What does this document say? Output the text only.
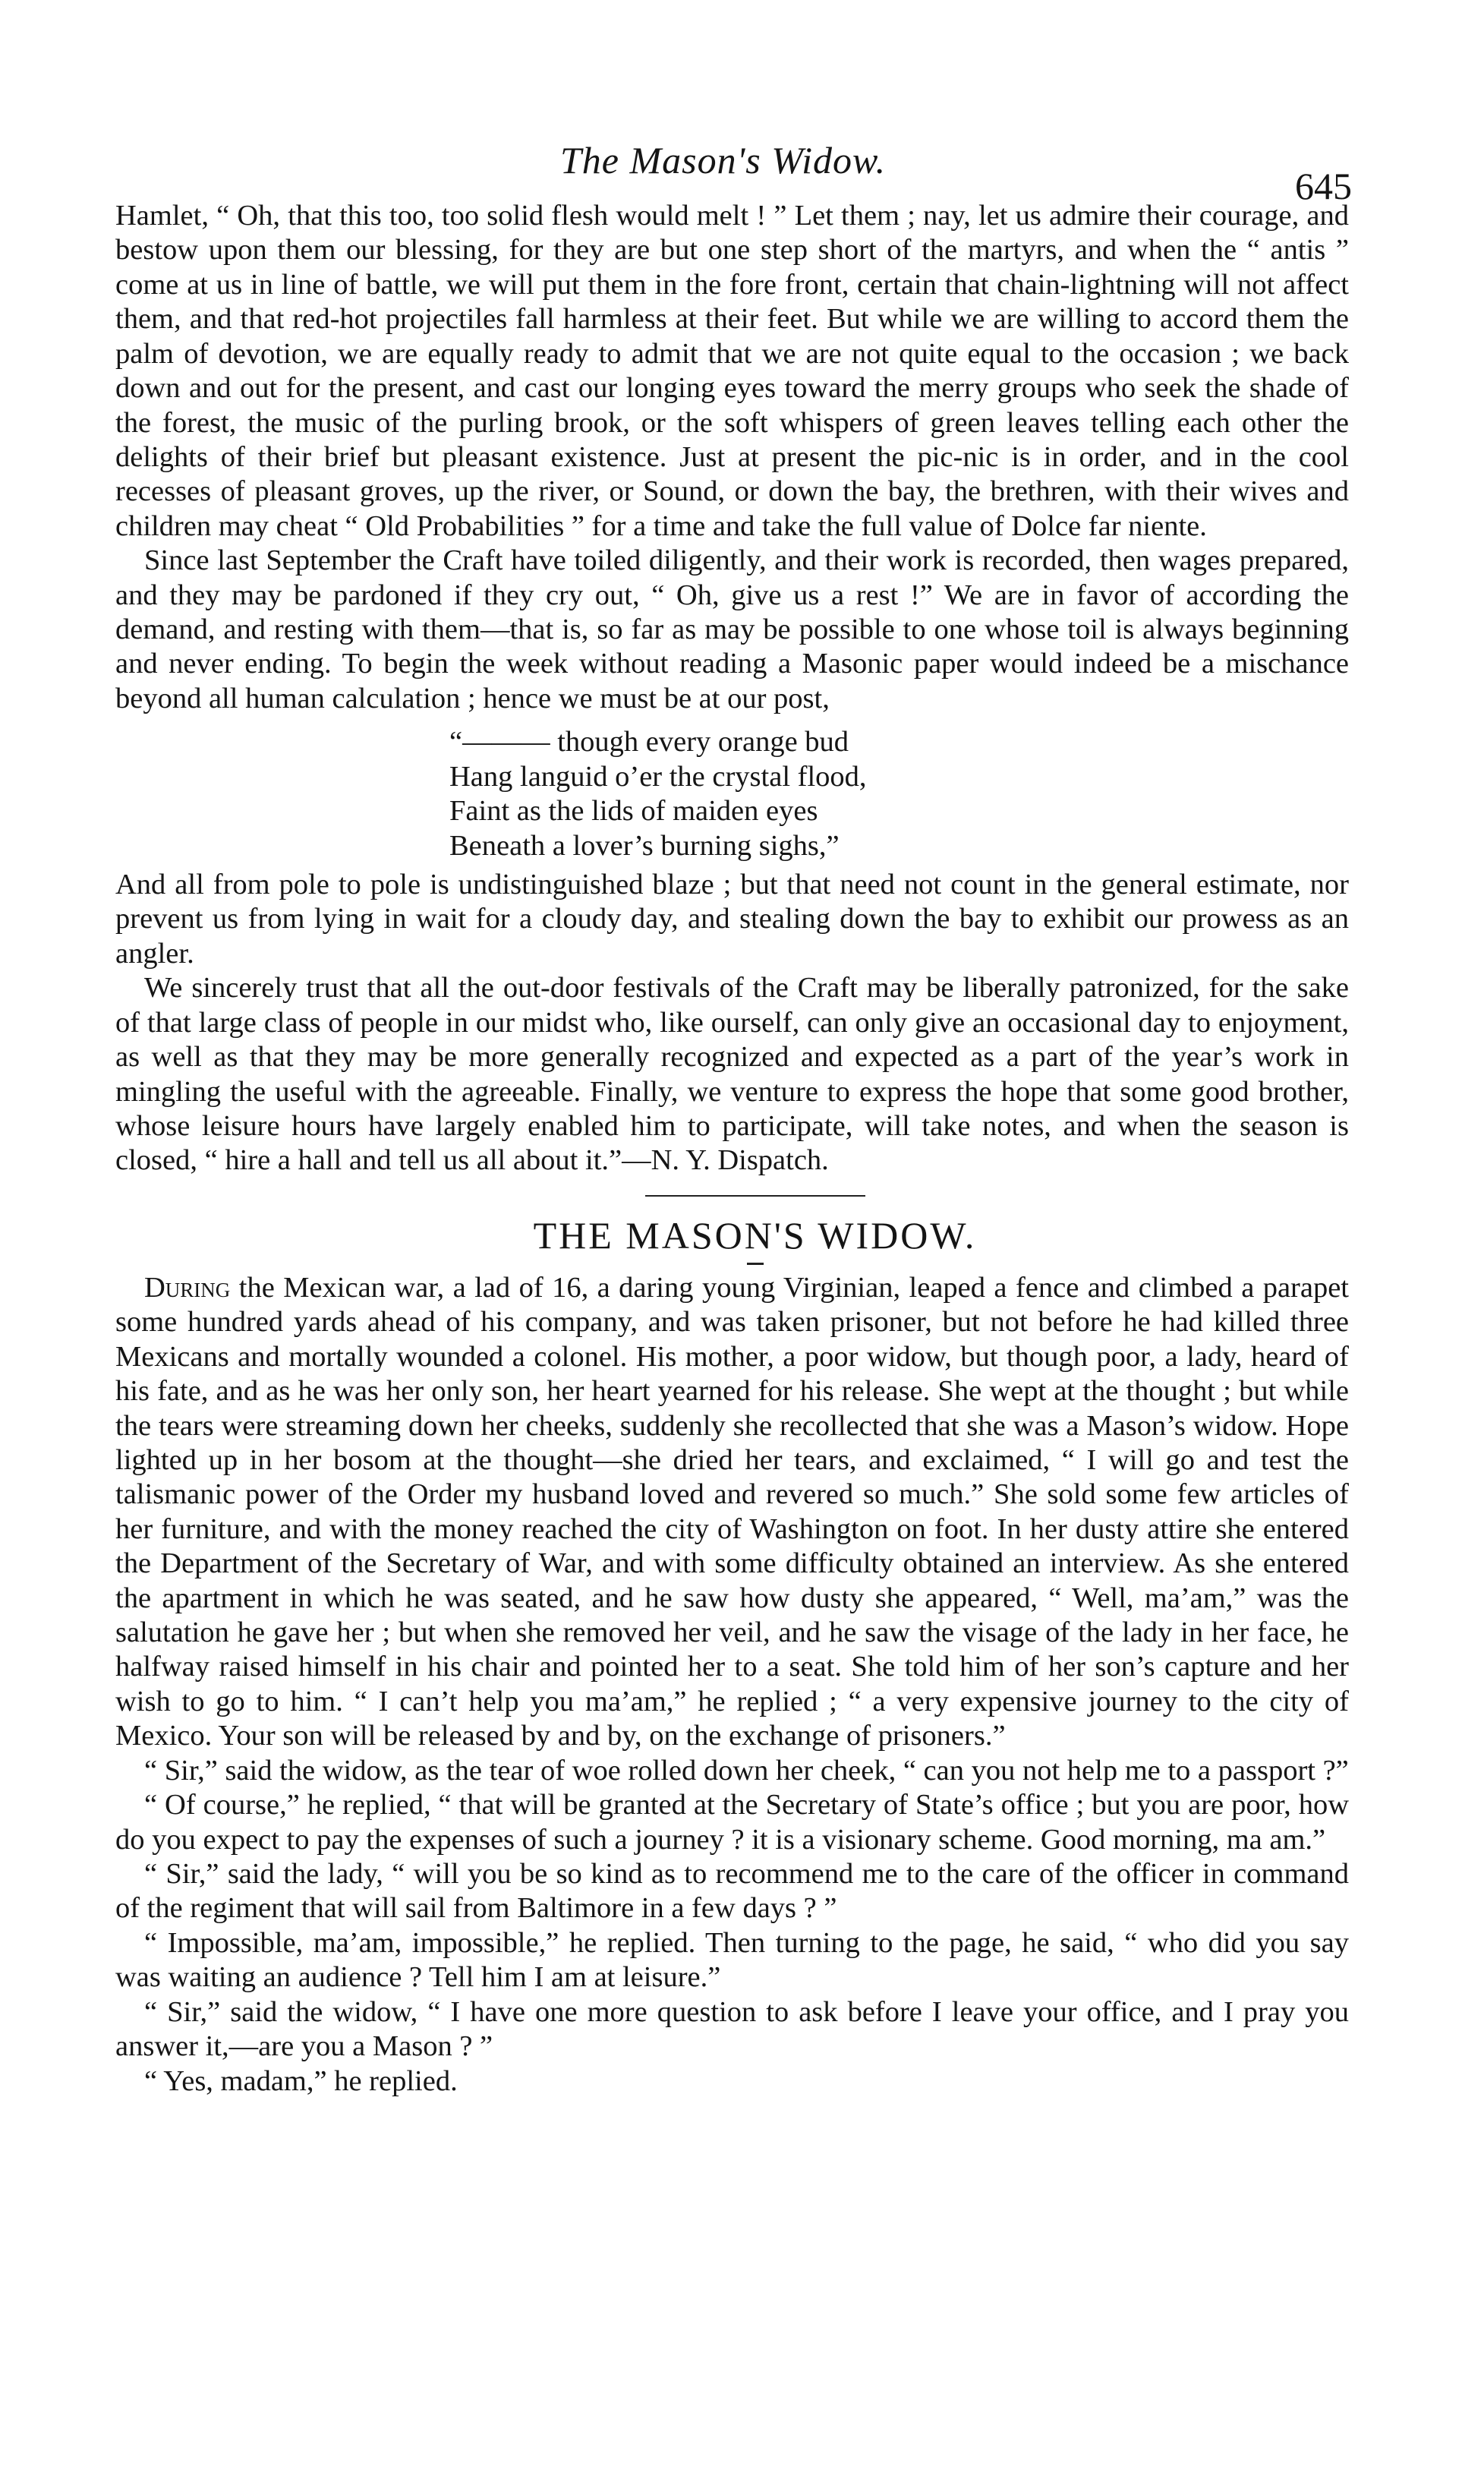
The Mason's Widow.
645

Hamlet, “ Oh, that this too, too solid flesh would melt ! ” Let them ; nay, let us admire their courage, and bestow upon them our blessing, for they are but one step short of the martyrs, and when the “ antis ” come at us in line of battle, we will put them in the fore front, certain that chain-lightning will not affect them, and that red-hot projectiles fall harmless at their feet. But while we are willing to accord them the palm of devotion, we are equally ready to admit that we are not quite equal to the occasion ; we back down and out for the present, and cast our longing eyes toward the merry groups who seek the shade of the forest, the music of the purling brook, or the soft whispers of green leaves telling each other the delights of their brief but pleasant existence. Just at present the pic-nic is in order, and in the cool recesses of pleasant groves, up the river, or Sound, or down the bay, the brethren, with their wives and children may cheat “ Old Probabilities ” for a time and take the full value of Dolce far niente.

Since last September the Craft have toiled diligently, and their work is recorded, then wages prepared, and they may be pardoned if they cry out, “ Oh, give us a rest !” We are in favor of according the demand, and resting with them—that is, so far as may be possible to one whose toil is always beginning and never ending. To begin the week without reading a Masonic paper would indeed be a mischance beyond all human calculation ; hence we must be at our post,

“——— though every orange bud
Hang languid o’er the crystal flood,
Faint as the lids of maiden eyes
Beneath a lover’s burning sighs,”

And all from pole to pole is undistinguished blaze ; but that need not count in the general estimate, nor prevent us from lying in wait for a cloudy day, and stealing down the bay to exhibit our prowess as an angler.

We sincerely trust that all the out-door festivals of the Craft may be liberally patronized, for the sake of that large class of people in our midst who, like ourself, can only give an occasional day to enjoyment, as well as that they may be more generally recognized and expected as a part of the year’s work in mingling the useful with the agreeable. Finally, we venture to express the hope that some good brother, whose leisure hours have largely enabled him to participate, will take notes, and when the season is closed, “ hire a hall and tell us all about it.”—N. Y. Dispatch.

THE MASON'S WIDOW.

During the Mexican war, a lad of 16, a daring young Virginian, leaped a fence and climbed a parapet some hundred yards ahead of his company, and was taken prisoner, but not before he had killed three Mexicans and mortally wounded a colonel. His mother, a poor widow, but though poor, a lady, heard of his fate, and as he was her only son, her heart yearned for his release. She wept at the thought ; but while the tears were streaming down her cheeks, suddenly she recollected that she was a Mason’s widow. Hope lighted up in her bosom at the thought—she dried her tears, and exclaimed, “ I will go and test the talismanic power of the Order my husband loved and revered so much.” She sold some few articles of her furniture, and with the money reached the city of Washington on foot. In her dusty attire she entered the Department of the Secretary of War, and with some difficulty obtained an interview. As she entered the apartment in which he was seated, and he saw how dusty she appeared, “ Well, ma’am,” was the salutation he gave her ; but when she removed her veil, and he saw the visage of the lady in her face, he halfway raised himself in his chair and pointed her to a seat. She told him of her son’s capture and her wish to go to him. “ I can’t help you ma’am,” he replied ; “ a very expensive journey to the city of Mexico. Your son will be released by and by, on the exchange of prisoners.”

“ Sir,” said the widow, as the tear of woe rolled down her cheek, “ can you not help me to a passport ?”

“ Of course,” he replied, “ that will be granted at the Secretary of State’s office ; but you are poor, how do you expect to pay the expenses of such a journey ? it is a visionary scheme. Good morning, ma am.”

“ Sir,” said the lady, “ will you be so kind as to recommend me to the care of the officer in command of the regiment that will sail from Baltimore in a few days ? ”

“ Impossible, ma’am, impossible,” he replied. Then turning to the page, he said, “ who did you say was waiting an audience ? Tell him I am at leisure.”

“ Sir,” said the widow, “ I have one more question to ask before I leave your office, and I pray you answer it,—are you a Mason ? ”

“ Yes, madam,” he replied.
